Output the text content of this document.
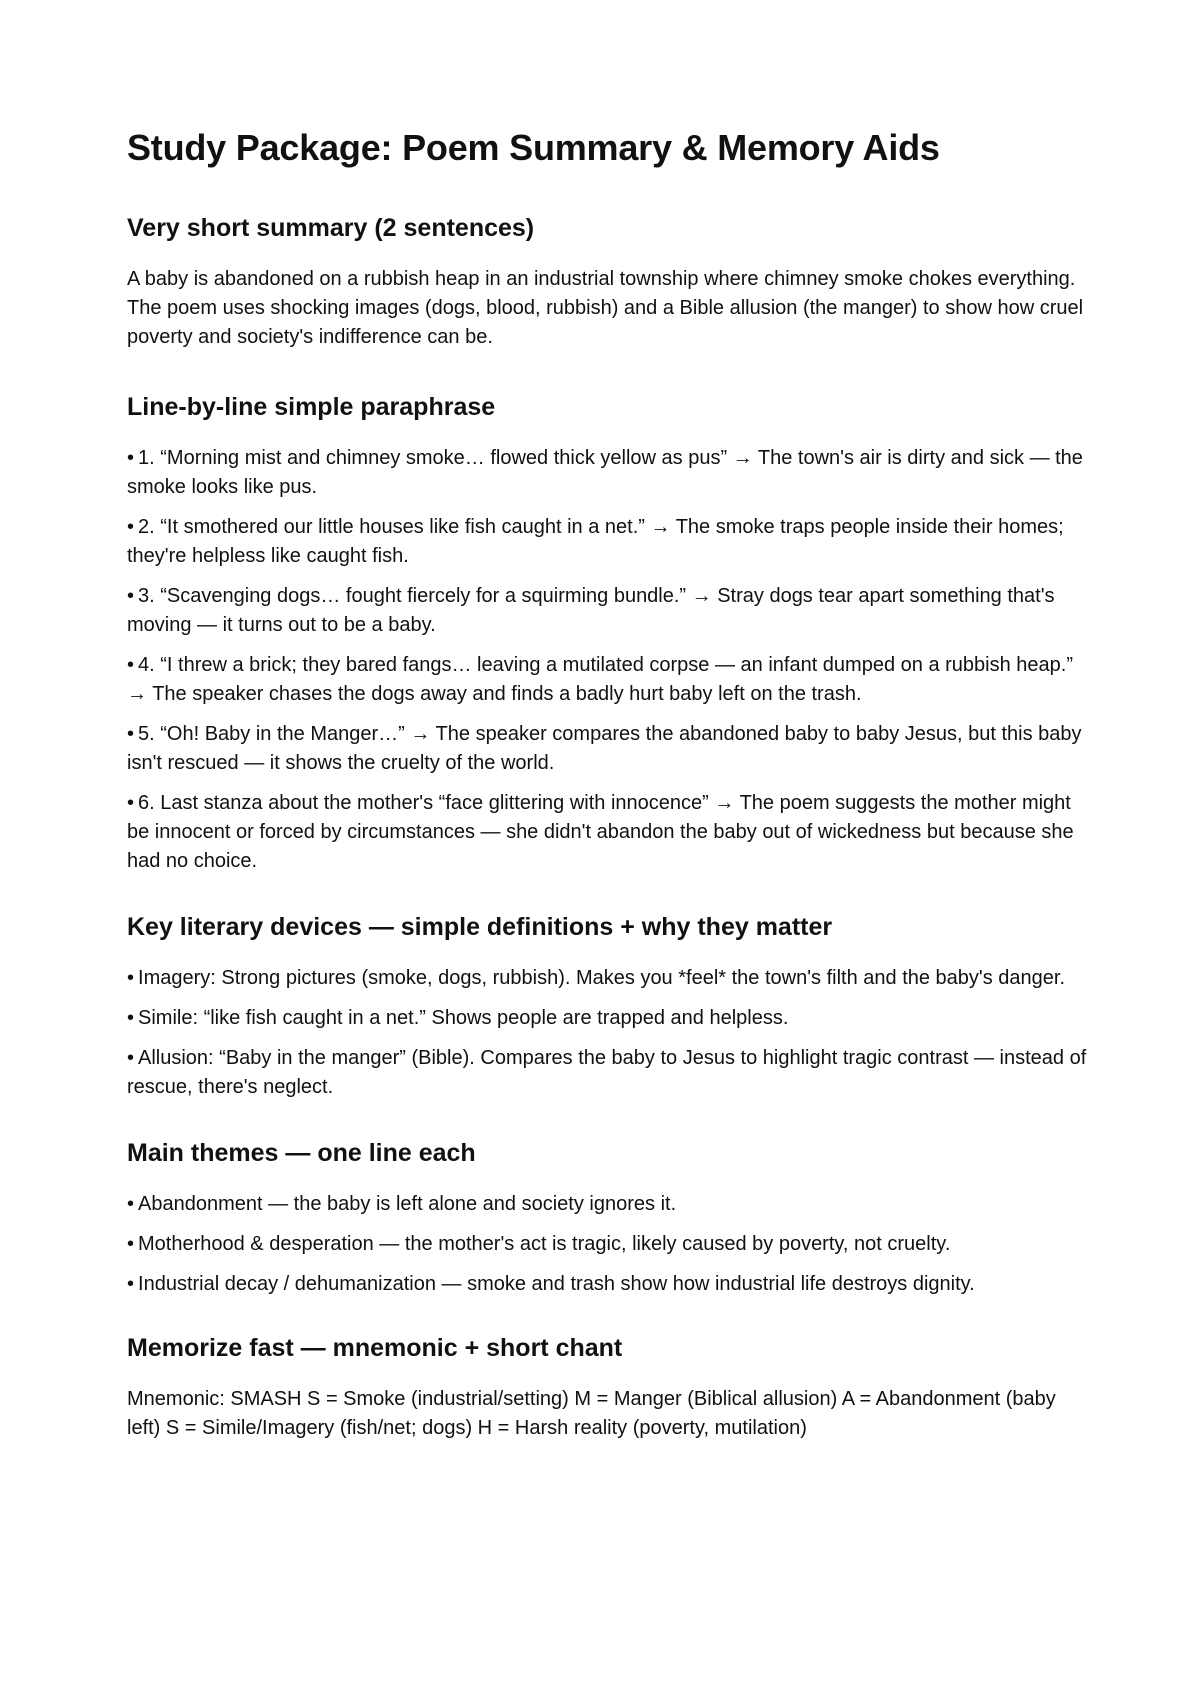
Study Package: Poem Summary & Memory Aids
Very short summary (2 sentences)

A baby is abandoned on a rubbish heap in an industrial township where chimney smoke chokes everything. The poem uses shocking images (dogs, blood, rubbish) and a Bible allusion (the manger) to show how cruel poverty and society's indifference can be.

Line-by-line simple paraphrase
• 1. “Morning mist and chimney smoke… flowed thick yellow as pus” → The town's air is dirty and sick — the smoke looks like pus.
• 2. “It smothered our little houses like fish caught in a net.” → The smoke traps people inside their homes; they're helpless like caught fish.
• 3. “Scavenging dogs… fought fiercely for a squirming bundle.” → Stray dogs tear apart something that's moving — it turns out to be a baby.
• 4. “I threw a brick; they bared fangs… leaving a mutilated corpse — an infant dumped on a rubbish heap.” → The speaker chases the dogs away and finds a badly hurt baby left on the trash.
• 5. “Oh! Baby in the Manger…” → The speaker compares the abandoned baby to baby Jesus, but this baby isn't rescued — it shows the cruelty of the world.
• 6. Last stanza about the mother's “face glittering with innocence” → The poem suggests the mother might be innocent or forced by circumstances — she didn't abandon the baby out of wickedness but because she had no choice.
Key literary devices — simple definitions + why they matter
• Imagery: Strong pictures (smoke, dogs, rubbish). Makes you *feel* the town's filth and the baby's danger.
• Simile: “like fish caught in a net.” Shows people are trapped and helpless.
• Allusion: “Baby in the manger” (Bible). Compares the baby to Jesus to highlight tragic contrast — instead of rescue, there's neglect.
Main themes — one line each
• Abandonment — the baby is left alone and society ignores it.
• Motherhood & desperation — the mother's act is tragic, likely caused by poverty, not cruelty.
• Industrial decay / dehumanization — smoke and trash show how industrial life destroys dignity.
Memorize fast — mnemonic + short chant

Mnemonic: SMASH S = Smoke (industrial/setting) M = Manger (Biblical allusion) A = Abandonment (baby left) S = Simile/Imagery (fish/net; dogs) H = Harsh reality (poverty, mutilation)
